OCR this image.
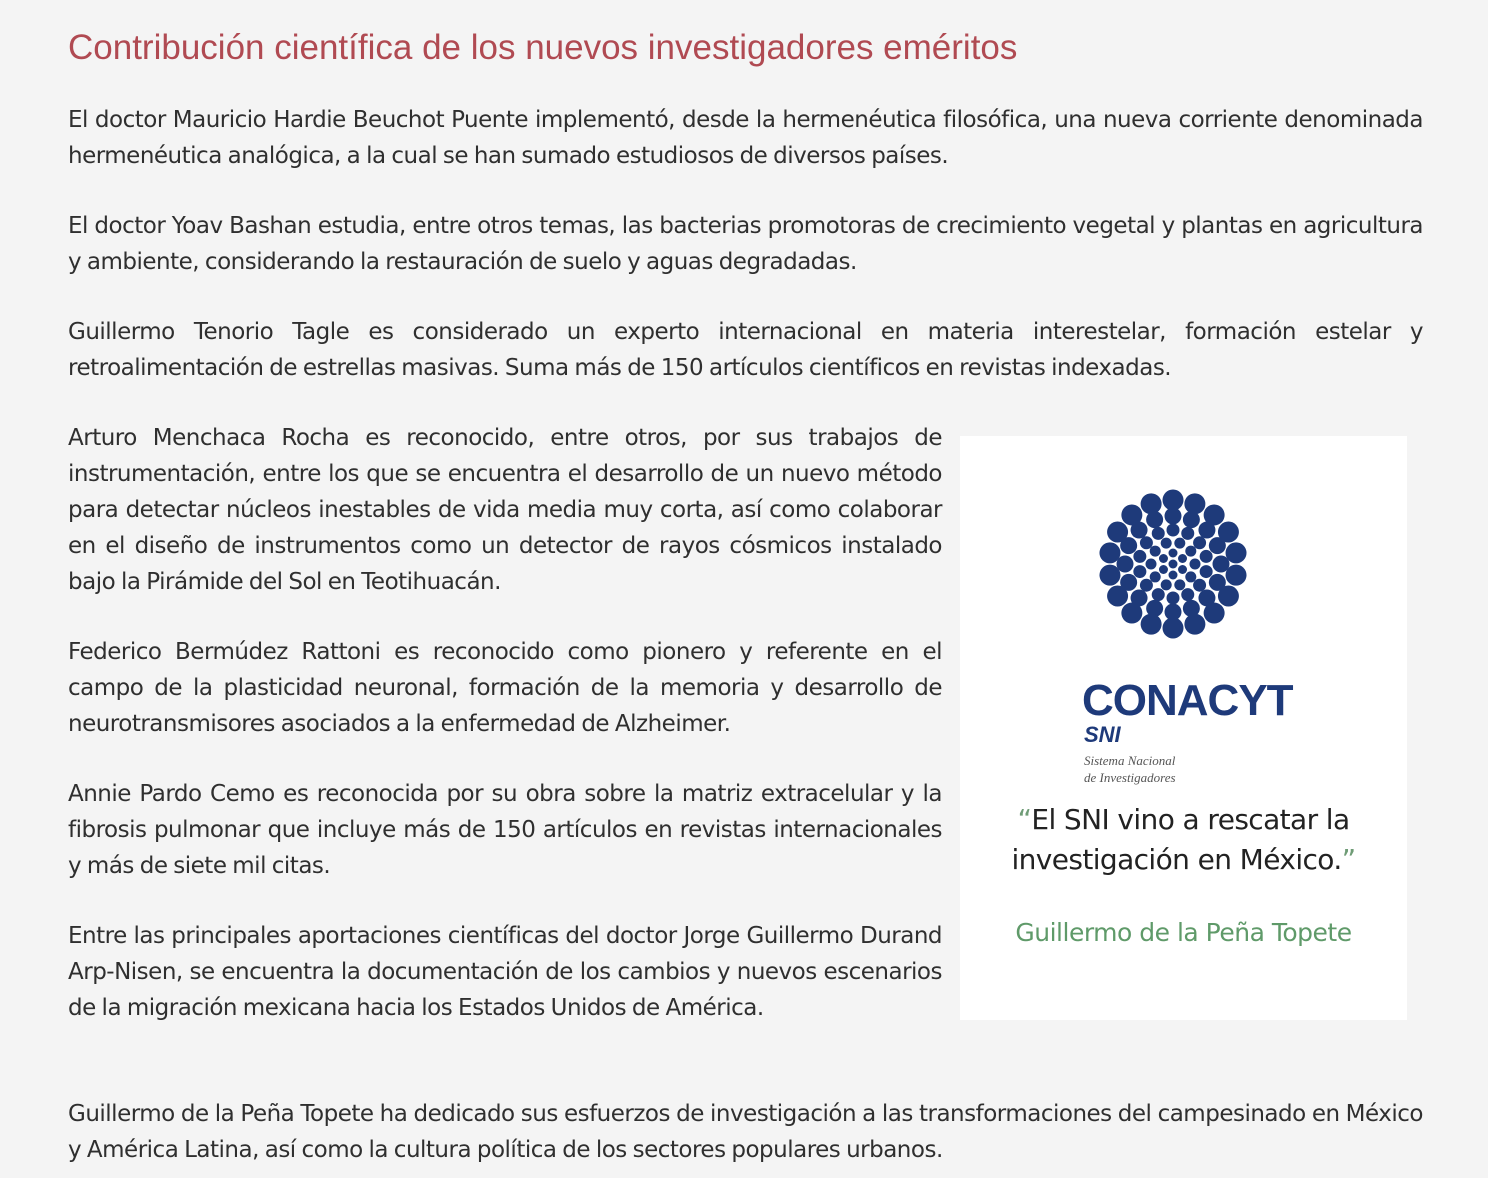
Contribución científica de los nuevos investigadores eméritos

El doctor Mauricio Hardie Beuchot Puente implementó, desde la hermenéutica filosófica, una nueva corriente denominada hermenéutica analógica, a la cual se han sumado estudiosos de diversos países.

El doctor Yoav Bashan estudia, entre otros temas, las bacterias promotoras de crecimiento vegetal y plantas en agricultura y ambiente, considerando la restauración de suelo y aguas degradadas.

Guillermo Tenorio Tagle es considerado un experto internacional en materia interestelar, formación estelar y retroalimentación de estrellas masivas. Suma más de 150 artículos científicos en revistas indexadas.

Arturo Menchaca Rocha es reconocido, entre otros, por sus trabajos de instrumentación, entre los que se encuentra el desarrollo de un nuevo método para detectar núcleos inestables de vida media muy corta, así como colaborar en el diseño de instrumentos como un detector de rayos cósmicos instalado bajo la Pirámide del Sol en Teotihuacán.

Federico Bermúdez Rattoni es reconocido como pionero y referente en el campo de la plasticidad neuronal, formación de la memoria y desarrollo de neurotransmisores asociados a la enfermedad de Alzheimer.

Annie Pardo Cemo es reconocida por su obra sobre la matriz extracelular y la fibrosis pulmonar que incluye más de 150 artículos en revistas internacionales y más de siete mil citas.

Entre las principales aportaciones científicas del doctor Jorge Guillermo Durand Arp-Nisen, se encuentra la documentación de los cambios y nuevos escenarios de la migración mexicana hacia los Estados Unidos de América.

Guillermo de la Peña Topete ha dedicado sus esfuerzos de investigación a las transformaciones del campesinado en México y América Latina, así como la cultura política de los sectores populares urbanos.

CONACYT
SNI
Sistema Nacional
de Investigadores
“El SNI vino a rescatar la
investigación en México.”
Guillermo de la Peña Topete
